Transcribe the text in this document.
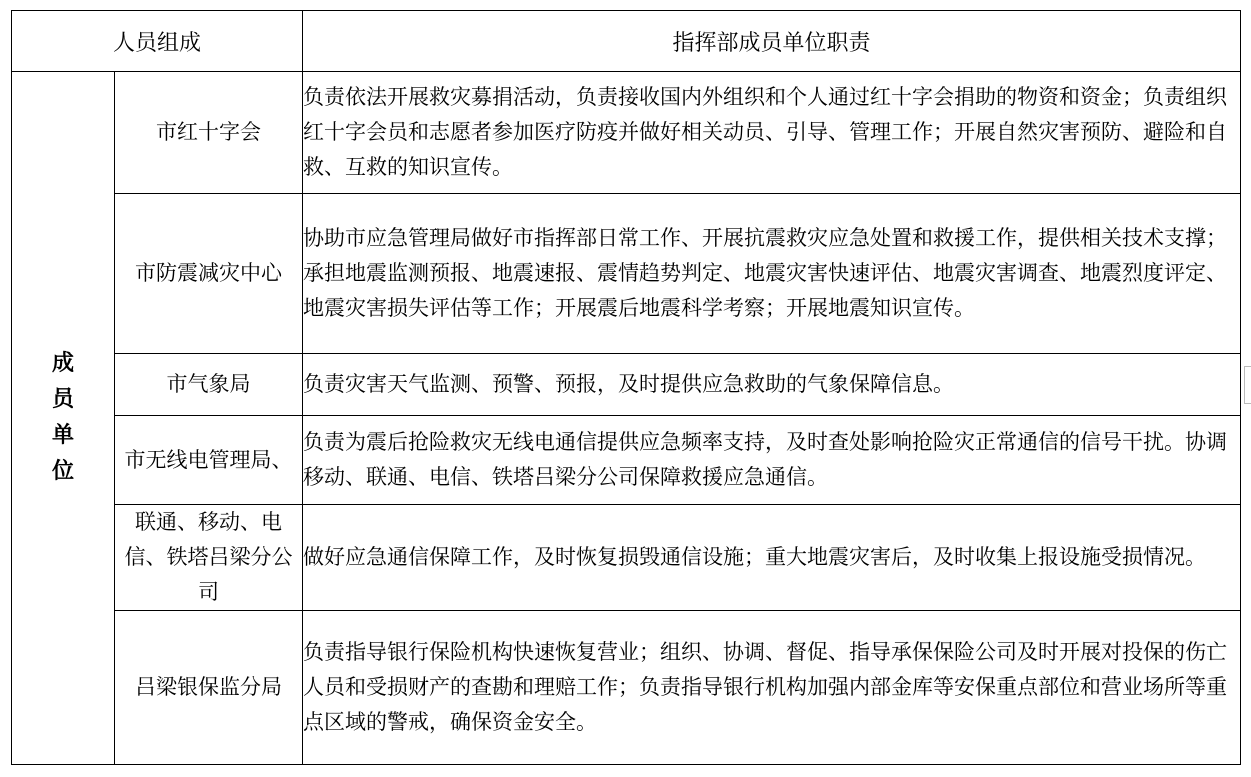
人员组成		指挥部成员单位职责

成
员
单
位	市红十字会	负责依法开展救灾募捐活动，负责接收国内外组织和个人通过红十字会捐助的物资和资金；负责组织红十字会员和志愿者参加医疗防疫并做好相关动员、引导、管理工作；开展自然灾害预防、避险和自救、互救的知识宣传。
	市防震减灾中心	协助市应急管理局做好市指挥部日常工作、开展抗震救灾应急处置和救援工作，提供相关技术支撑；承担地震监测预报、地震速报、震情趋势判定、地震灾害快速评估、地震灾害调查、地震烈度评定、地震灾害损失评估等工作；开展震后地震科学考察；开展地震知识宣传。
	市气象局	负责灾害天气监测、预警、预报，及时提供应急救助的气象保障信息。
	市无线电管理局、	负责为震后抢险救灾无线电通信提供应急频率支持，及时查处影响抢险灾正常通信的信号干扰。协调移动、联通、电信、铁塔吕梁分公司保障救援应急通信。
	联通、移动、电信、铁塔吕梁分公司	做好应急通信保障工作，及时恢复损毁通信设施；重大地震灾害后，及时收集上报设施受损情况。
	吕梁银保监分局	负责指导银行保险机构快速恢复营业；组织、协调、督促、指导承保保险公司及时开展对投保的伤亡人员和受损财产的查勘和理赔工作；负责指导银行机构加强内部金库等安保重点部位和营业场所等重点区域的警戒，确保资金安全。
